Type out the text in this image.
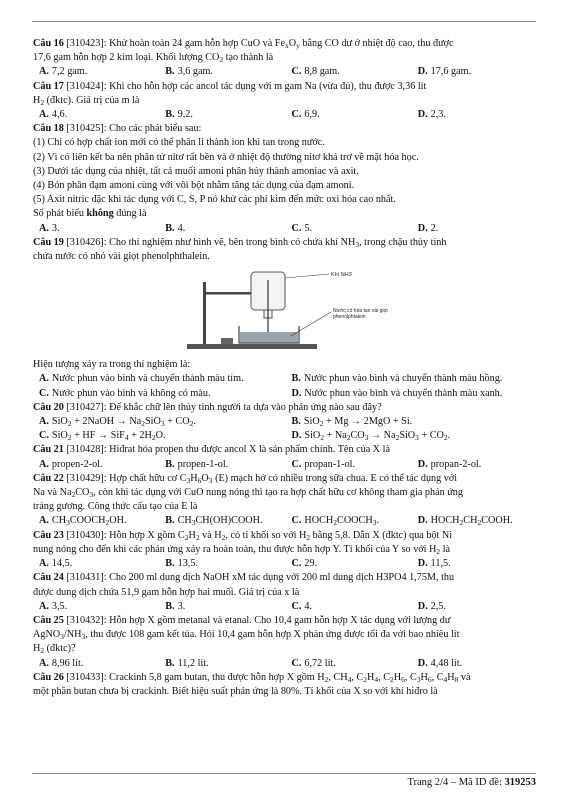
Câu 16 [310423]: Khử hoàn toàn 24 gam hỗn hợp CuO và $Fe_xO_y$ bằng CO dư ở nhiệt độ cao, thu được
17,6 gam hỗn hợp 2 kim loại. Khối lượng $CO_2$ tạo thành là
A. 7,2 gam.	B. 3,6 gam.	C. 8,8 gam.	D. 17,6 gam.
Câu 17 [310424]: Khi cho hỗn hợp các ancol tác dụng với m gam Na (vừa đủ), thu được 3,36 lít
$H_2$ (đktc). Giá trị của m là
A. 4,6.	B. 9,2.	C. 6,9.	D. 2,3.
Câu 18 [310425]: Cho các phát biểu sau:
(1) Chỉ có hợp chất ion mới có thể phân li thành ion khi tan trong nước.
(2) Vì có liên kết ba nên phân tử nitơ rất bền và ở nhiệt độ thường nitơ khá trơ về mặt hóa học.
(3) Dưới tác dụng của nhiệt, tất cả muối amoni phân hủy thành amoniac và axit.
(4) Bón phân đạm amoni cùng với vôi bột nhằm tăng tác dụng của đạm amoni.
(5) Axit nitric đặc khi tác dụng với C, S, P nó khử các phi kim đến mức oxi hóa cao nhất.
Số phát biểu không đúng là
A. 3.	B. 4.	C. 5.	D. 2.
Câu 19 [310426]: Cho thí nghiệm như hình vẽ, bên trong bình có chứa khí $NH_3$, trong chậu thủy tinh
chứa nước có nhỏ vài giọt phenolphthalein.
Khí NH3
Nước có hòa tan vài giọt phenolphtalein
Hiện tượng xảy ra trong thí nghiệm là:
A. Nước phun vào bình và chuyển thành màu tím.	B. Nước phun vào bình và chuyển thành màu hồng.
C. Nước phun vào bình và không có màu.	D. Nước phun vào bình và chuyển thành màu xanh.
Câu 20 [310427]: Để khắc chữ lên thủy tinh người ta dựa vào phản ứng nào sau đây?
A. SiO$_2$ + 2NaOH → $Na_2SiO_3 + CO_2$.	B. SiO$_2$ + Mg → 2MgO + Si.
C. SiO$_2$ + HF → $SiF_4 + 2H_2O$.	D. $SiO_2 + Na_2CO_3 \to Na_2SiO_3 + CO_2$.
Câu 21 [310428]: Hiđrat hóa propen thu được ancol X là sản phẩm chính. Tên của X là
A. propen-2-ol.	B. propen-1-ol.	C. propan-1-ol.	D. propan-2-ol.
Câu 22 [310429]: Hợp chất hữu cơ $C_3H_6O_3$ (E) mạch hở có nhiều trong sữa chua. E có thể tác dụng với
Na và $Na_2CO_3$, còn khi tác dụng với CuO nung nóng thì tạo ra hợp chất hữu cơ không tham gia phản ứng
tráng gương. Công thức cấu tạo của E là
A. $CH_3COOCH_2OH$.	B. $CH_3CH(OH)COOH$.	C. $HOCH_2COOCH_3$.	D. $HOCH_2CH_2COOH$.
Câu 23 [310430]: Hỗn hợp X gồm $C_2H_2$ và $H_2$, có tỉ khối so với $H_2$ bằng 5,8. Dẫn X (đktc) qua bột Ni
nung nóng cho đến khi các phản ứng xảy ra hoàn toàn, thu được hỗn hợp Y. Tỉ khối của Y so với $H_2$ là
A. 14,5.	B. 13,5.	C. 29.	D. 11,5.
Câu 24 [310431]: Cho 200 ml dung dịch NaOH xM tác dụng với 200 ml dung dịch H3PO4 1,75M, thu
được dung dịch chứa 51,9 gam hỗn hợp hai muối. Giá trị của x là
A. 3,5.	B. 3.	C. 4.	D. 2,5.
Câu 25 [310432]: Hỗn hợp X gồm metanal và etanal. Cho 10,4 gam hỗn hợp X tác dụng với lượng dư
$AgNO_3/NH_3$, thu được 108 gam kết tủa. Hỏi 10,4 gam hỗn hợp X phản ứng được tối đa với bao nhiêu lít
$H_2$ (đktc)?
A. 8,96 lít.	B. 11,2 lít.	C. 6,72 lít.	D. 4,48 lít.
Câu 26 [310433]: Crackinh 5,8 gam butan, thu được hỗn hợp X gồm $H_2$, $CH_4$, $C_2H_4$, $C_2H_6$, $C_3H_6$, $C_4H_8$ và
một phần butan chưa bị crackinh. Biết hiệu suất phản ứng là 80%. Tỉ khối của X so với khí hiđro là
Trang 2/4 – Mã ID đề: 319253
